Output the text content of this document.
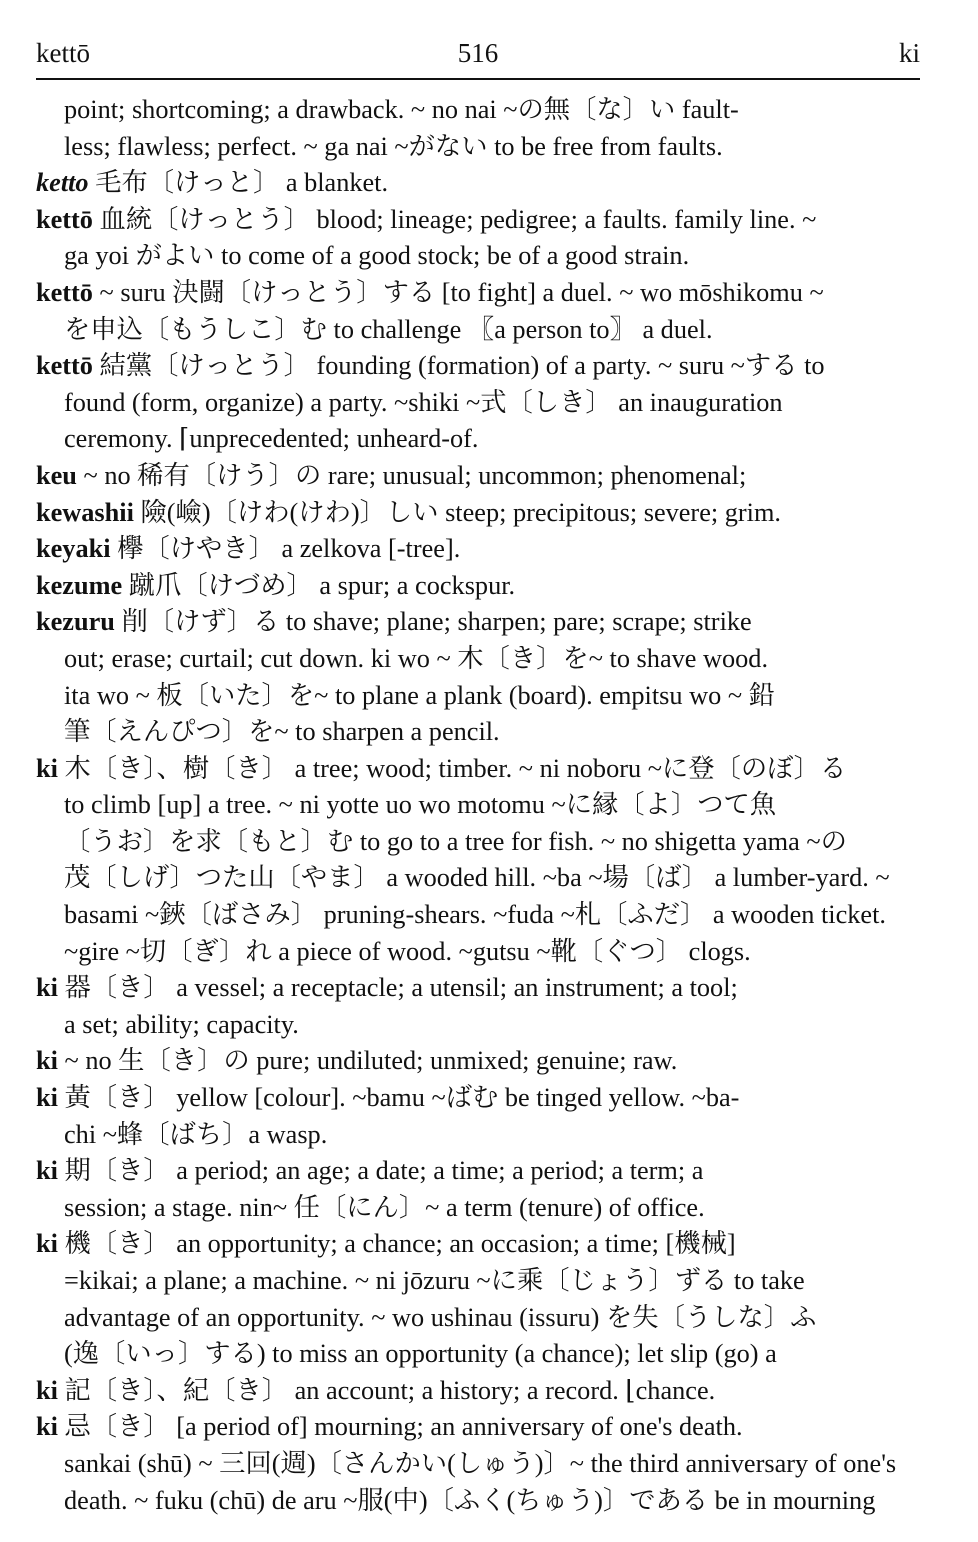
kettō	516	ki
point; shortcoming; a drawback. ~ no nai ~の無〔な〕い fault-
less; flawless; perfect. ~ ga nai ~がない to be free from faults.
ketto 毛布〔けっと〕 a blanket.
kettō 血統〔けっとう〕 blood; lineage; pedigree; a faults. family line. ~
ga yoi がよい to come of a good stock; be of a good strain.
kettō ~ suru 決闘〔けっとう〕する [to fight] a duel. ~ wo mōshikomu ~
を申込〔もうしこ〕む to challenge 〖a person to〗 a duel.
kettō 結黨〔けっとう〕 founding (formation) of a party. ~ suru ~する to
found (form, organize) a party. ~shiki ~式〔しき〕 an inauguration
ceremony. ⌈unprecedented; unheard-of.
keu ~ no 稀有〔けう〕の rare; unusual; uncommon; phenomenal;
kewashii 險(嶮)〔けわ(けわ)〕しい steep; precipitous; severe; grim.
keyaki 欅〔けやき〕 a zelkova [-tree].
kezume 蹴爪〔けづめ〕 a spur; a cockspur.
kezuru 削〔けず〕る to shave; plane; sharpen; pare; scrape; strike
out; erase; curtail; cut down. ki wo ~ 木〔き〕を~ to shave wood.
ita wo ~ 板〔いた〕を~ to plane a plank (board). empitsu wo ~ 鉛
筆〔えんぴつ〕を~ to sharpen a pencil.
ki 木〔き〕、樹〔き〕 a tree; wood; timber. ~ ni noboru ~に登〔のぼ〕る
to climb [up] a tree. ~ ni yotte uo wo motomu ~に縁〔よ〕つて魚
〔うお〕を求〔もと〕む to go to a tree for fish. ~ no shigetta yama ~の
茂〔しげ〕つた山〔やま〕 a wooded hill. ~ba ~場〔ば〕 a lumber-yard. ~
basami ~鋏〔ばさみ〕 pruning-shears. ~fuda ~札〔ふだ〕 a wooden ticket.
~gire ~切〔ぎ〕れ a piece of wood. ~gutsu ~靴〔ぐつ〕 clogs.
ki 器〔き〕 a vessel; a receptacle; a utensil; an instrument; a tool;
a set; ability; capacity.
ki ~ no 生〔き〕の pure; undiluted; unmixed; genuine; raw.
ki 黃〔き〕 yellow [colour]. ~bamu ~ばむ be tinged yellow. ~ba-
chi ~蜂〔ばち〕a wasp.
ki 期〔き〕 a period; an age; a date; a time; a period; a term; a
session; a stage. nin~ 任〔にん〕~ a term (tenure) of office.
ki 機〔き〕 an opportunity; a chance; an occasion; a time; [機械]
=kikai; a plane; a machine. ~ ni jōzuru ~に乘〔じょう〕ずる to take
advantage of an opportunity. ~ wo ushinau (issuru) を失〔うしな〕ふ
(逸〔いっ〕する) to miss an opportunity (a chance); let slip (go) a
ki 記〔き〕、紀〔き〕 an account; a history; a record. ⌊chance.
ki 忌〔き〕 [a period of] mourning; an anniversary of one's death.
sankai (shū) ~ 三回(週)〔さんかい(しゅう)〕~ the third anniversary of one's
death. ~ fuku (chū) de aru ~服(中)〔ふく(ちゅう)〕である be in mourning
